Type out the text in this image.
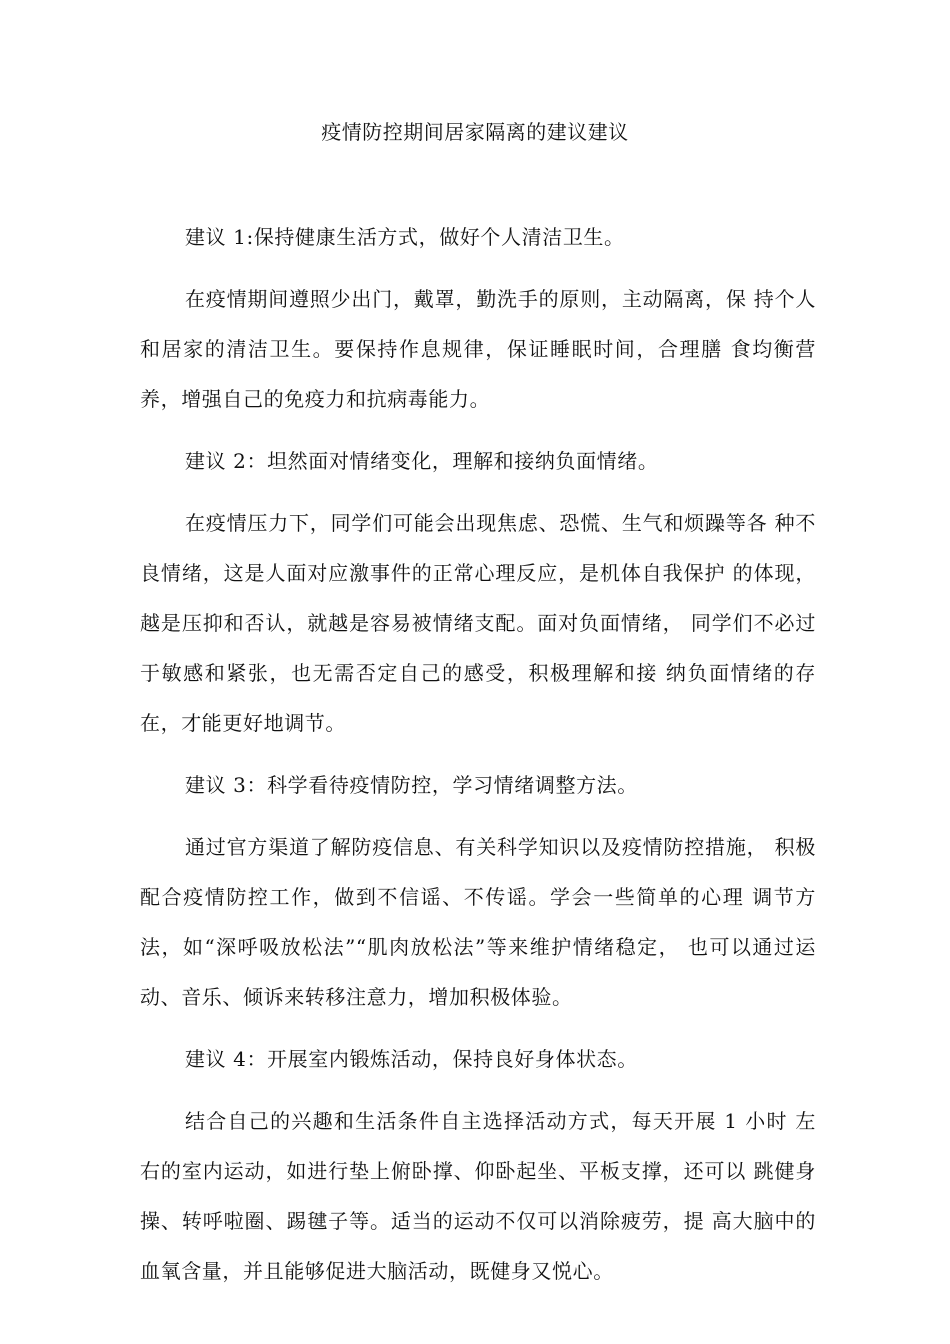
疫情防控期间居家隔离的建议建议

建议 1:保持健康生活方式，做好个人清洁卫生。

在疫情期间遵照少出门，戴罩，勤洗手的原则，主动隔离，保 持个人和居家的清洁卫生。要保持作息规律，保证睡眠时间，合理膳 食均衡营养，增强自己的免疫力和抗病毒能力。

建议 2：坦然面对情绪变化，理解和接纳负面情绪。

在疫情压力下，同学们可能会出现焦虑、恐慌、生气和烦躁等各 种不良情绪，这是人面对应激事件的正常心理反应，是机体自我保护 的体现，越是压抑和否认，就越是容易被情绪支配。面对负面情绪， 同学们不必过于敏感和紧张，也无需否定自己的感受，积极理解和接 纳负面情绪的存在，才能更好地调节。

建议 3：科学看待疫情防控，学习情绪调整方法。

通过官方渠道了解防疫信息、有关科学知识以及疫情防控措施， 积极配合疫情防控工作，做到不信谣、不传谣。学会一些简单的心理 调节方法，如“深呼吸放松法”“肌肉放松法”等来维护情绪稳定， 也可以通过运动、音乐、倾诉来转移注意力，增加积极体验。

建议 4：开展室内锻炼活动，保持良好身体状态。

结合自己的兴趣和生活条件自主选择活动方式，每天开展 1 小时 左右的室内运动，如进行垫上俯卧撑、仰卧起坐、平板支撑，还可以 跳健身操、转呼啦圈、踢毽子等。适当的运动不仅可以消除疲劳，提 高大脑中的血氧含量，并且能够促进大脑活动，既健身又悦心。
